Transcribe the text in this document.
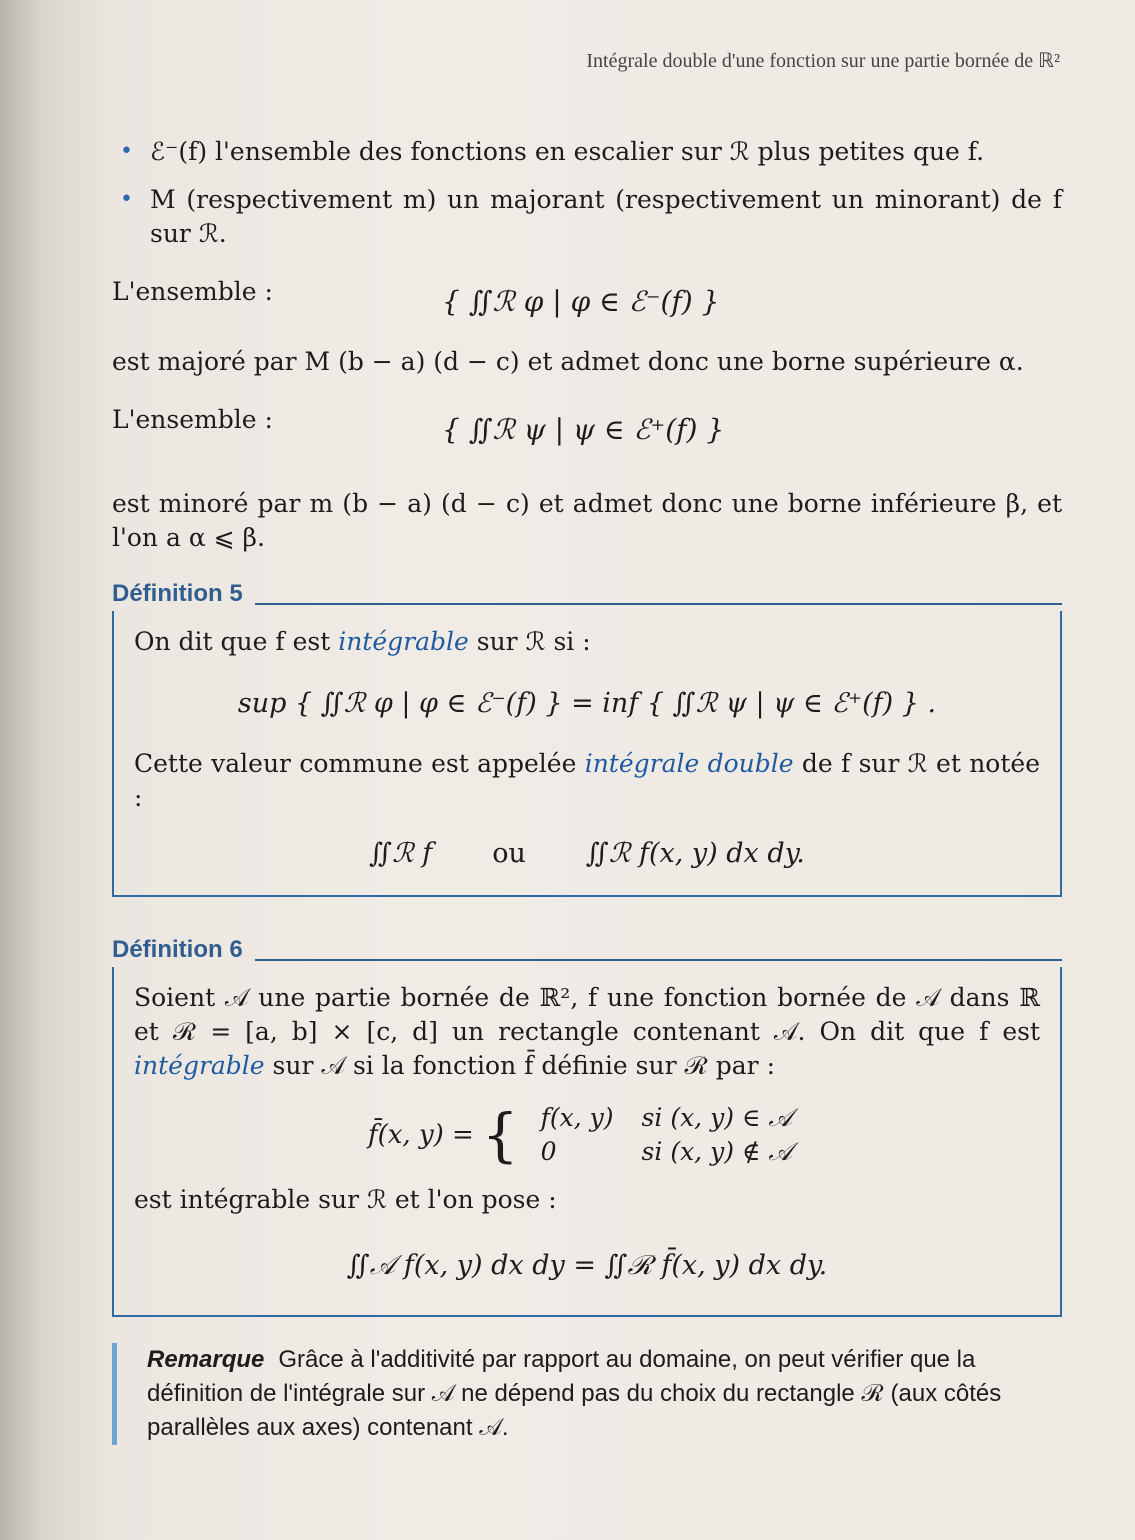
Intégrale double d'une fonction sur une partie bornée de ℝ²
• ℰ⁻(f) l'ensemble des fonctions en escalier sur ℛ plus petites que f.
• M (respectivement m) un majorant (respectivement un minorant) de f sur ℛ.
L'ensemble :	{ ∬ℛ φ | φ ∈ ℰ⁻(f) }

est majoré par M (b − a) (d − c) et admet donc une borne supérieure α.

L'ensemble :	{ ∬ℛ ψ | ψ ∈ ℰ⁺(f) }

est minoré par m (b − a) (d − c) et admet donc une borne inférieure β, et l'on a α ⩽ β.

Définition 5

On dit que f est intégrable sur ℛ si :

sup { ∬ℛ φ | φ ∈ ℰ⁻(f) } = inf { ∬ℛ ψ | ψ ∈ ℰ⁺(f) } .

Cette valeur commune est appelée intégrale double de f sur ℛ et notée :

∬ℛ f ou ∬ℛ f(x, y) dx dy.
Définition 6

Soient 𝒜 une partie bornée de ℝ², f une fonction bornée de 𝒜 dans ℝ et ℛ = [a, b] × [c, d] un rectangle contenant 𝒜. On dit que f est intégrable sur 𝒜 si la fonction f̄ définie sur ℛ par :

f̄(x, y) = { f(x, y)	si (x, y) ∈ 𝒜
0	si (x, y) ∉ 𝒜

est intégrable sur ℛ et l'on pose :

∬𝒜 f(x, y) dx dy = ∬ℛ f̄(x, y) dx dy.
Remarque Grâce à l'additivité par rapport au domaine, on peut vérifier que la définition de l'intégrale sur 𝒜 ne dépend pas du choix du rectangle ℛ (aux côtés parallèles aux axes) contenant 𝒜.
